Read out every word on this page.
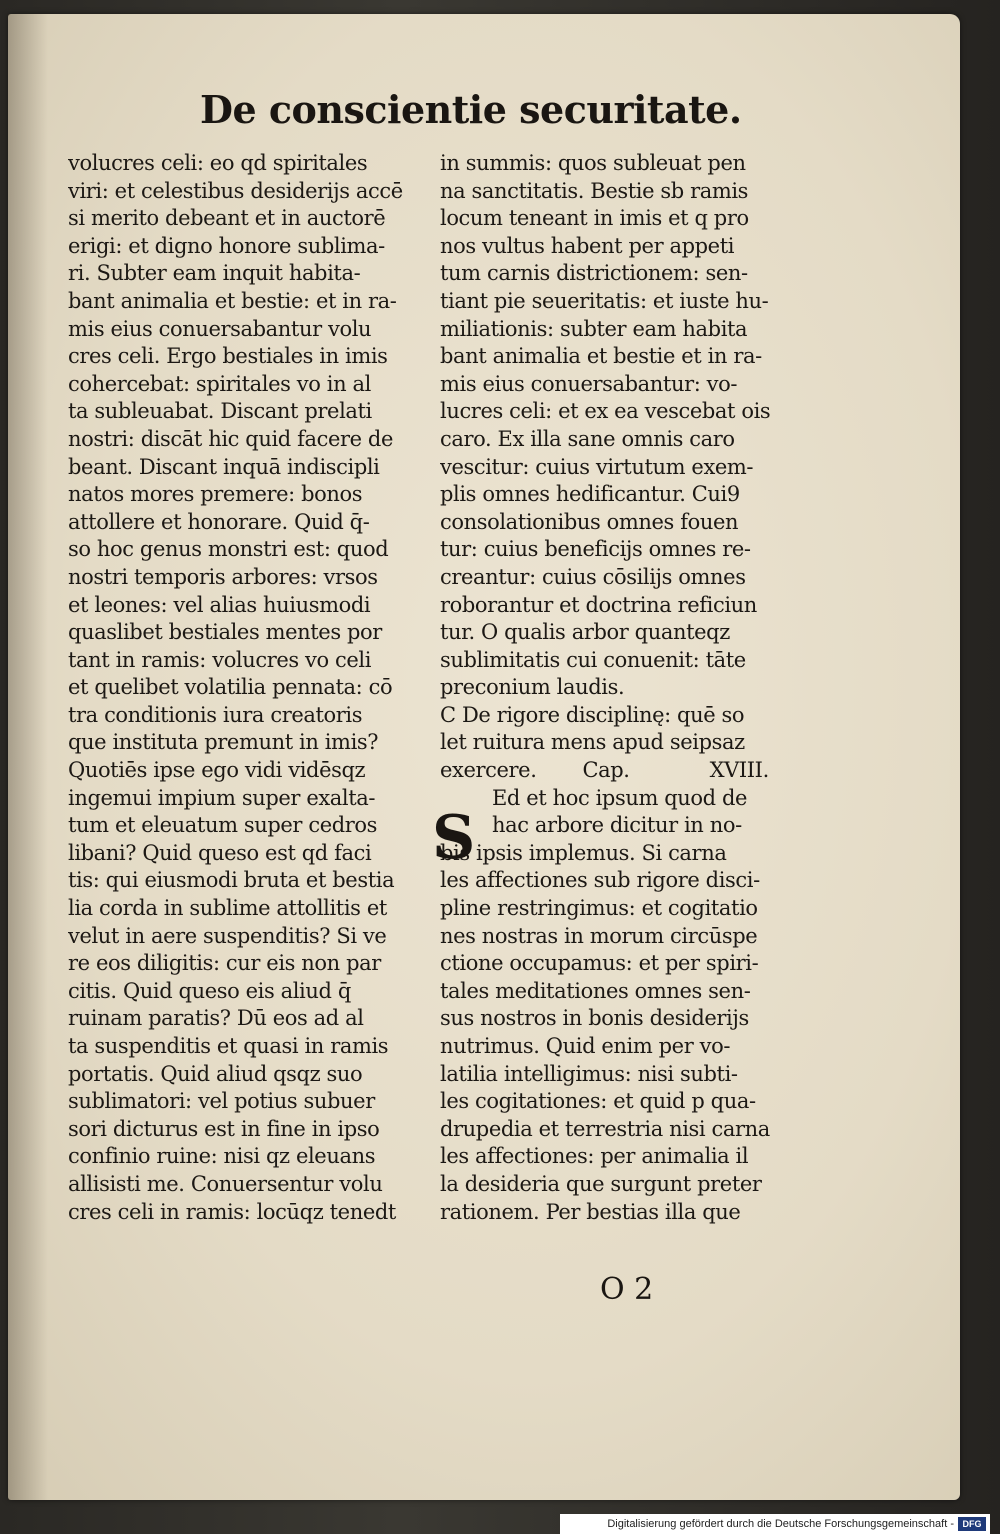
De conscientie securitate.
volucres celi: eo qd spiritales
viri: et celestibus desiderijs accē
si merito debeant et in auctorē
erigi: et digno honore sublima-
ri. Subter eam inquit habita-
bant animalia et bestie: et in ra-
mis eius conuersabantur volu
cres celi. Ergo bestiales in imis
cohercebat: spiritales vo in al
ta subleuabat. Discant prelati
nostri: discāt hic quid facere de
beant. Discant inquā indiscipli
natos mores premere: bonos
attollere et honorare. Quid q̄-
so hoc genus monstri est: quod
nostri temporis arbores: vrsos
et leones: vel alias huiusmodi
quaslibet bestiales mentes por
tant in ramis: volucres vo celi
et quelibet volatilia pennata: cō
tra conditionis iura creatoris
que instituta premunt in imis?
Quotiēs ipse ego vidi vidēsqz
ingemui impium super exalta-
tum et eleuatum super cedros
libani? Quid queso est qd faci
tis: qui eiusmodi bruta et bestia
lia corda in sublime attollitis et
velut in aere suspenditis? Si ve
re eos diligitis: cur eis non par
citis. Quid queso eis aliud q̄
ruinam paratis? Dū eos ad al
ta suspenditis et quasi in ramis
portatis. Quid aliud qsqz suo
sublimatori: vel potius subuer
sori dicturus est in fine in ipso
confinio ruine: nisi qz eleuans
allisisti me. Conuersentur volu
cres celi in ramis: locūqz tenedt
in summis: quos subleuat pen
na sanctitatis. Bestie sb ramis
locum teneant in imis et q pro
nos vultus habent per appeti
tum carnis districtionem: sen-
tiant pie seueritatis: et iuste hu-
miliationis: subter eam habita
bant animalia et bestie et in ra-
mis eius conuersabantur: vo-
lucres celi: et ex ea vescebat ois
caro. Ex illa sane omnis caro
vescitur: cuius virtutum exem-
plis omnes hedificantur. Cui9
consolationibus omnes fouen
tur: cuius beneficijs omnes re-
creantur: cuius cōsilijs omnes
roborantur et doctrina reficiun
tur. O qualis arbor quanteqz
sublimitatis cui conuenit: tāte
preconium laudis.
C De rigore disciplinę: quē so
let ruitura mens apud seipsaz
exercere. Cap.	XVIII.
Ed et hoc ipsum quod de
hac arbore dicitur in no-
bis ipsis implemus. Si carna
les affectiones sub rigore disci-
pline restringimus: et cogitatio
nes nostras in morum circūspe
ctione occupamus: et per spiri-
tales meditationes omnes sen-
sus nostros in bonis desiderijs
nutrimus. Quid enim per vo-
latilia intelligimus: nisi subti-
les cogitationes: et quid p qua-
drupedia et terrestria nisi carna
les affectiones: per animalia il
la desideria que surgunt preter
rationem. Per bestias illa que
S

O 2

Digitalisierung gefördert durch die Deutsche Forschungsgemeinschaft - DFG
